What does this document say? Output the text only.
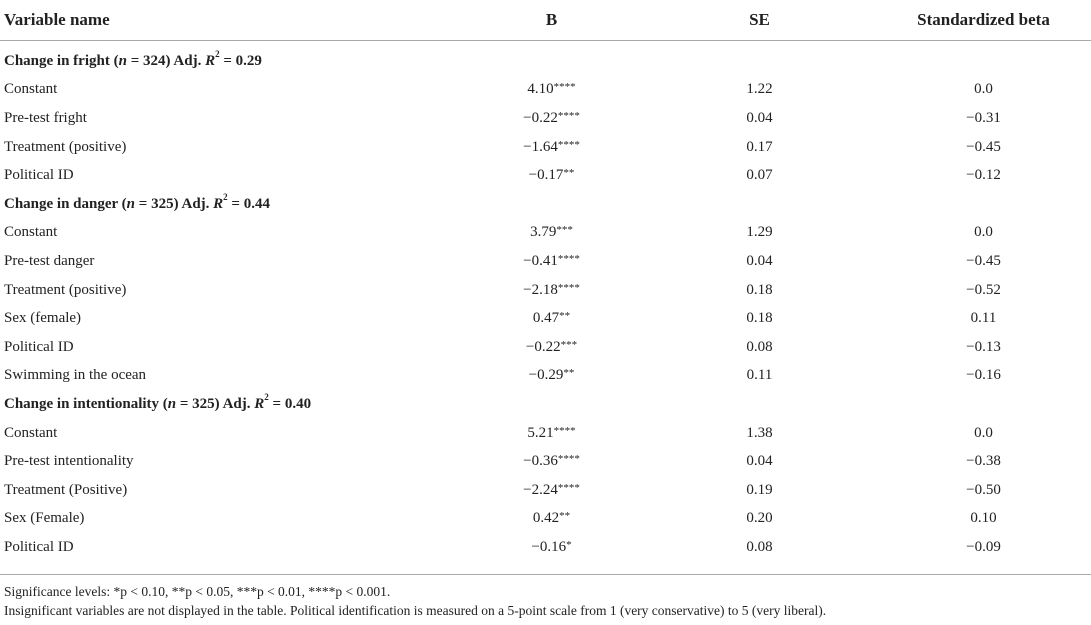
Variable name	B	SE	Standardized beta
Change in fright (n = 324) Adj. $R^2 = 0.29$			
Constant	4.10****	1.22	0.0
Pre-test fright	−0.22****	0.04	−0.31
Treatment (positive)	−1.64****	0.17	−0.45
Political ID	−0.17**	0.07	−0.12
Change in danger (n = 325) Adj. $R^2 = 0.44$			
Constant	3.79***	1.29	0.0
Pre-test danger	−0.41****	0.04	−0.45
Treatment (positive)	−2.18****	0.18	−0.52
Sex (female)	0.47**	0.18	0.11
Political ID	−0.22***	0.08	−0.13
Swimming in the ocean	−0.29**	0.11	−0.16
Change in intentionality (n = 325) Adj. $R^2 = 0.40$			
Constant	5.21****	1.38	0.0
Pre-test intentionality	−0.36****	0.04	−0.38
Treatment (Positive)	−2.24****	0.19	−0.50
Sex (Female)	0.42**	0.20	0.10
Political ID	−0.16*	0.08	−0.09
Significance levels: *p < 0.10, **p < 0.05, ***p < 0.01, ****p < 0.001.
Insignificant variables are not displayed in the table. Political identification is measured on a 5-point scale from 1 (very conservative) to 5 (very liberal).
